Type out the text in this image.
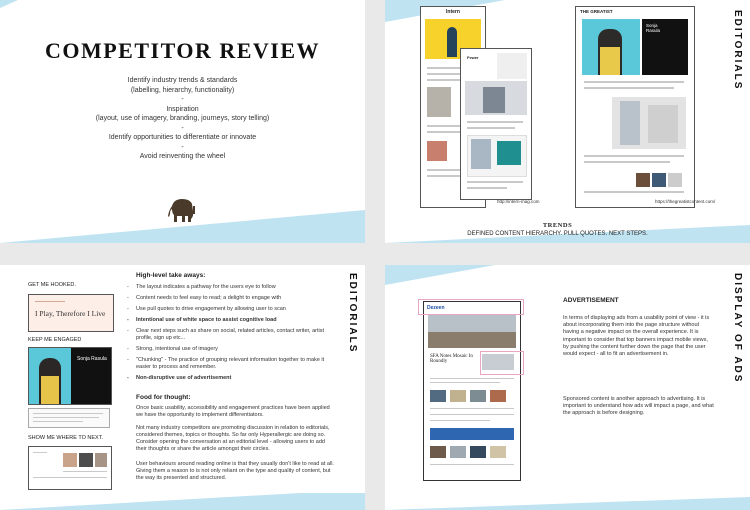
COMPETITOR REVIEW
Identify industry trends & standards
(labelling, hierarchy, functionality)
-
Inspiration
(layout, use of imagery, branding, journeys, story telling)
-
Identify opportunities to differentiate or innovate
-
Avoid reinventing the wheel
EDITORIALS
Intern
Fewer
http://intern-mag.com
THE GREATIST
Sonja
Rasula
https://thegreatistcontent.com/
TRENDS
DEFINED CONTENT HIERARCHY. PULL QUOTES. NEXT STEPS.
EDITORIALS
GET ME HOOKED.
I Play, Therefore I Live
KEEP ME ENGAGED
Sonja Rasula
SHOW ME WHERE TO NEXT.
High-level take aways:
- The layout indicates a pathway for the users eye to follow
- Content needs to feel easy to read; a delight to engage with
- Use pull quotes to drive engagement by allowing user to scan
- Intentional use of white space to assist cognitive load
- Clear next steps such as share on social, related articles, contact writer, artist profile, sign up etc...
- Strong, intentional use of imagery
- "Chunking" - The practice of grouping relevant information together to make it easier to process and remember.
- Non-disruptive use of advertisement
Food for thought:
Once basic usability, accessibility and engagement practices have been applied we have the opportunity to implement differentiators.
Not many industry competitors are promoting discussion in relation to editorials, considered themes, topics or thoughts. So far only Hyperallergic are doing so. Consider opening the conversation at an editorial level - allowing users to add their thoughts or share the article amongst their circles.
User behaviours around reading online is that they usually don't like to read at all. Giving them a reason to is not only reliant on the type and quality of content, but the way its presented and structured.
DISPLAY OF ADS
Dezeen
SFA Notes Mosaic In Roundly
ADVERTISEMENT
In terms of displaying ads from a usability point of view - it is about incorporating them into the page structure without having a negative impact on the overall experience. It is important to consider that top banners impact mobile views, by pushing the content further down the page that the user would expect - all to fit an advertisement in.
Sponsored content is another approach to advertising. It is important to understand how ads will impact a page, and what the approach is before designing.
